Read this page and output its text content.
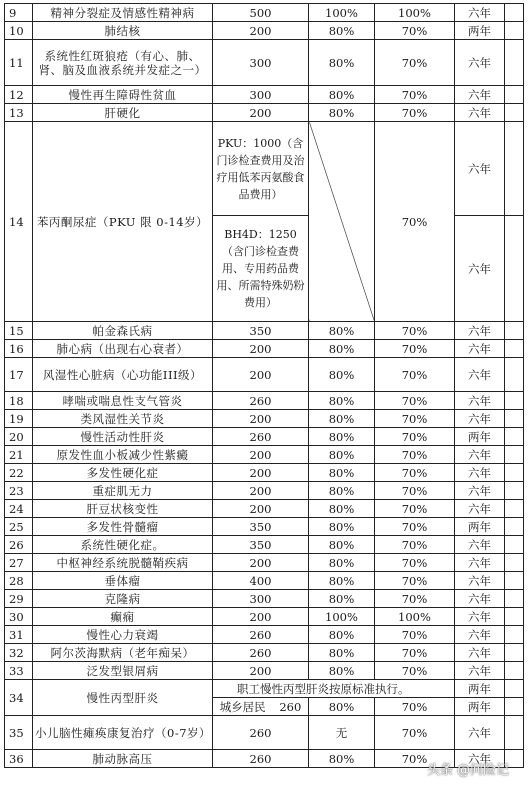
9	精神分裂症及情感性精神病	500	100%	100%	六年	
10	肺结核	200	80%	70%	两年	
11	系统性红斑狼疮（有心、肺、肾、脑及血液系统并发症之一）	300	80%	70%	六年	
12	慢性再生障碍性贫血	300	80%	70%	六年	
13	肝硬化	200	80%	70%	六年	
14	苯丙酮尿症（PKU 限 0-14岁）	PKU：1000（含门诊检查费用及治疗用低苯丙氨酸食品费用）		70%	六年	
		BH4D：1250（含门诊检查费用、专用药品费用、所需特殊奶粉费用）			六年	
15	帕金森氏病	350	80%	70%	六年	
16	肺心病（出现右心衰者）	200	80%	70%	六年	
17	风湿性心脏病（心功能III级）	200	80%	70%	六年	
18	哮喘或喘息性支气管炎	260	80%	70%	六年	
19	类风湿性关节炎	200	80%	70%	六年	
20	慢性活动性肝炎	260	80%	70%	两年	
21	原发性血小板减少性紫癜	200	80%	70%	六年	
22	多发性硬化症	200	80%	70%	六年	
23	重症肌无力	200	80%	70%	六年	
24	肝豆状核变性	200	80%	70%	六年	
25	多发性骨髓瘤	350	80%	70%	两年	
26	系统性硬化症。	350	80%	70%	六年	
27	中枢神经系统脱髓鞘疾病	200	80%	70%	六年	
28	垂体瘤	400	80%	70%	六年	
29	克隆病	300	80%	70%	六年	
30	癫痫	200	100%	100%	六年	
31	慢性心力衰竭	260	80%	70%	六年	
32	阿尔茨海默病（老年痴呆）	260	80%	70%	六年	
33	泛发型银屑病	200	80%	70%	六年	
34	慢性丙型肝炎	职工慢性丙型肝炎按原标准执行。			两年	
		城乡居民 260	80%	70%	两年	
35	小儿脑性瘫痪康复治疗（0-7岁）	260	无	70%	六年	
36	肺动脉高压	260	80%	70%	六年	
头条 @问险记
